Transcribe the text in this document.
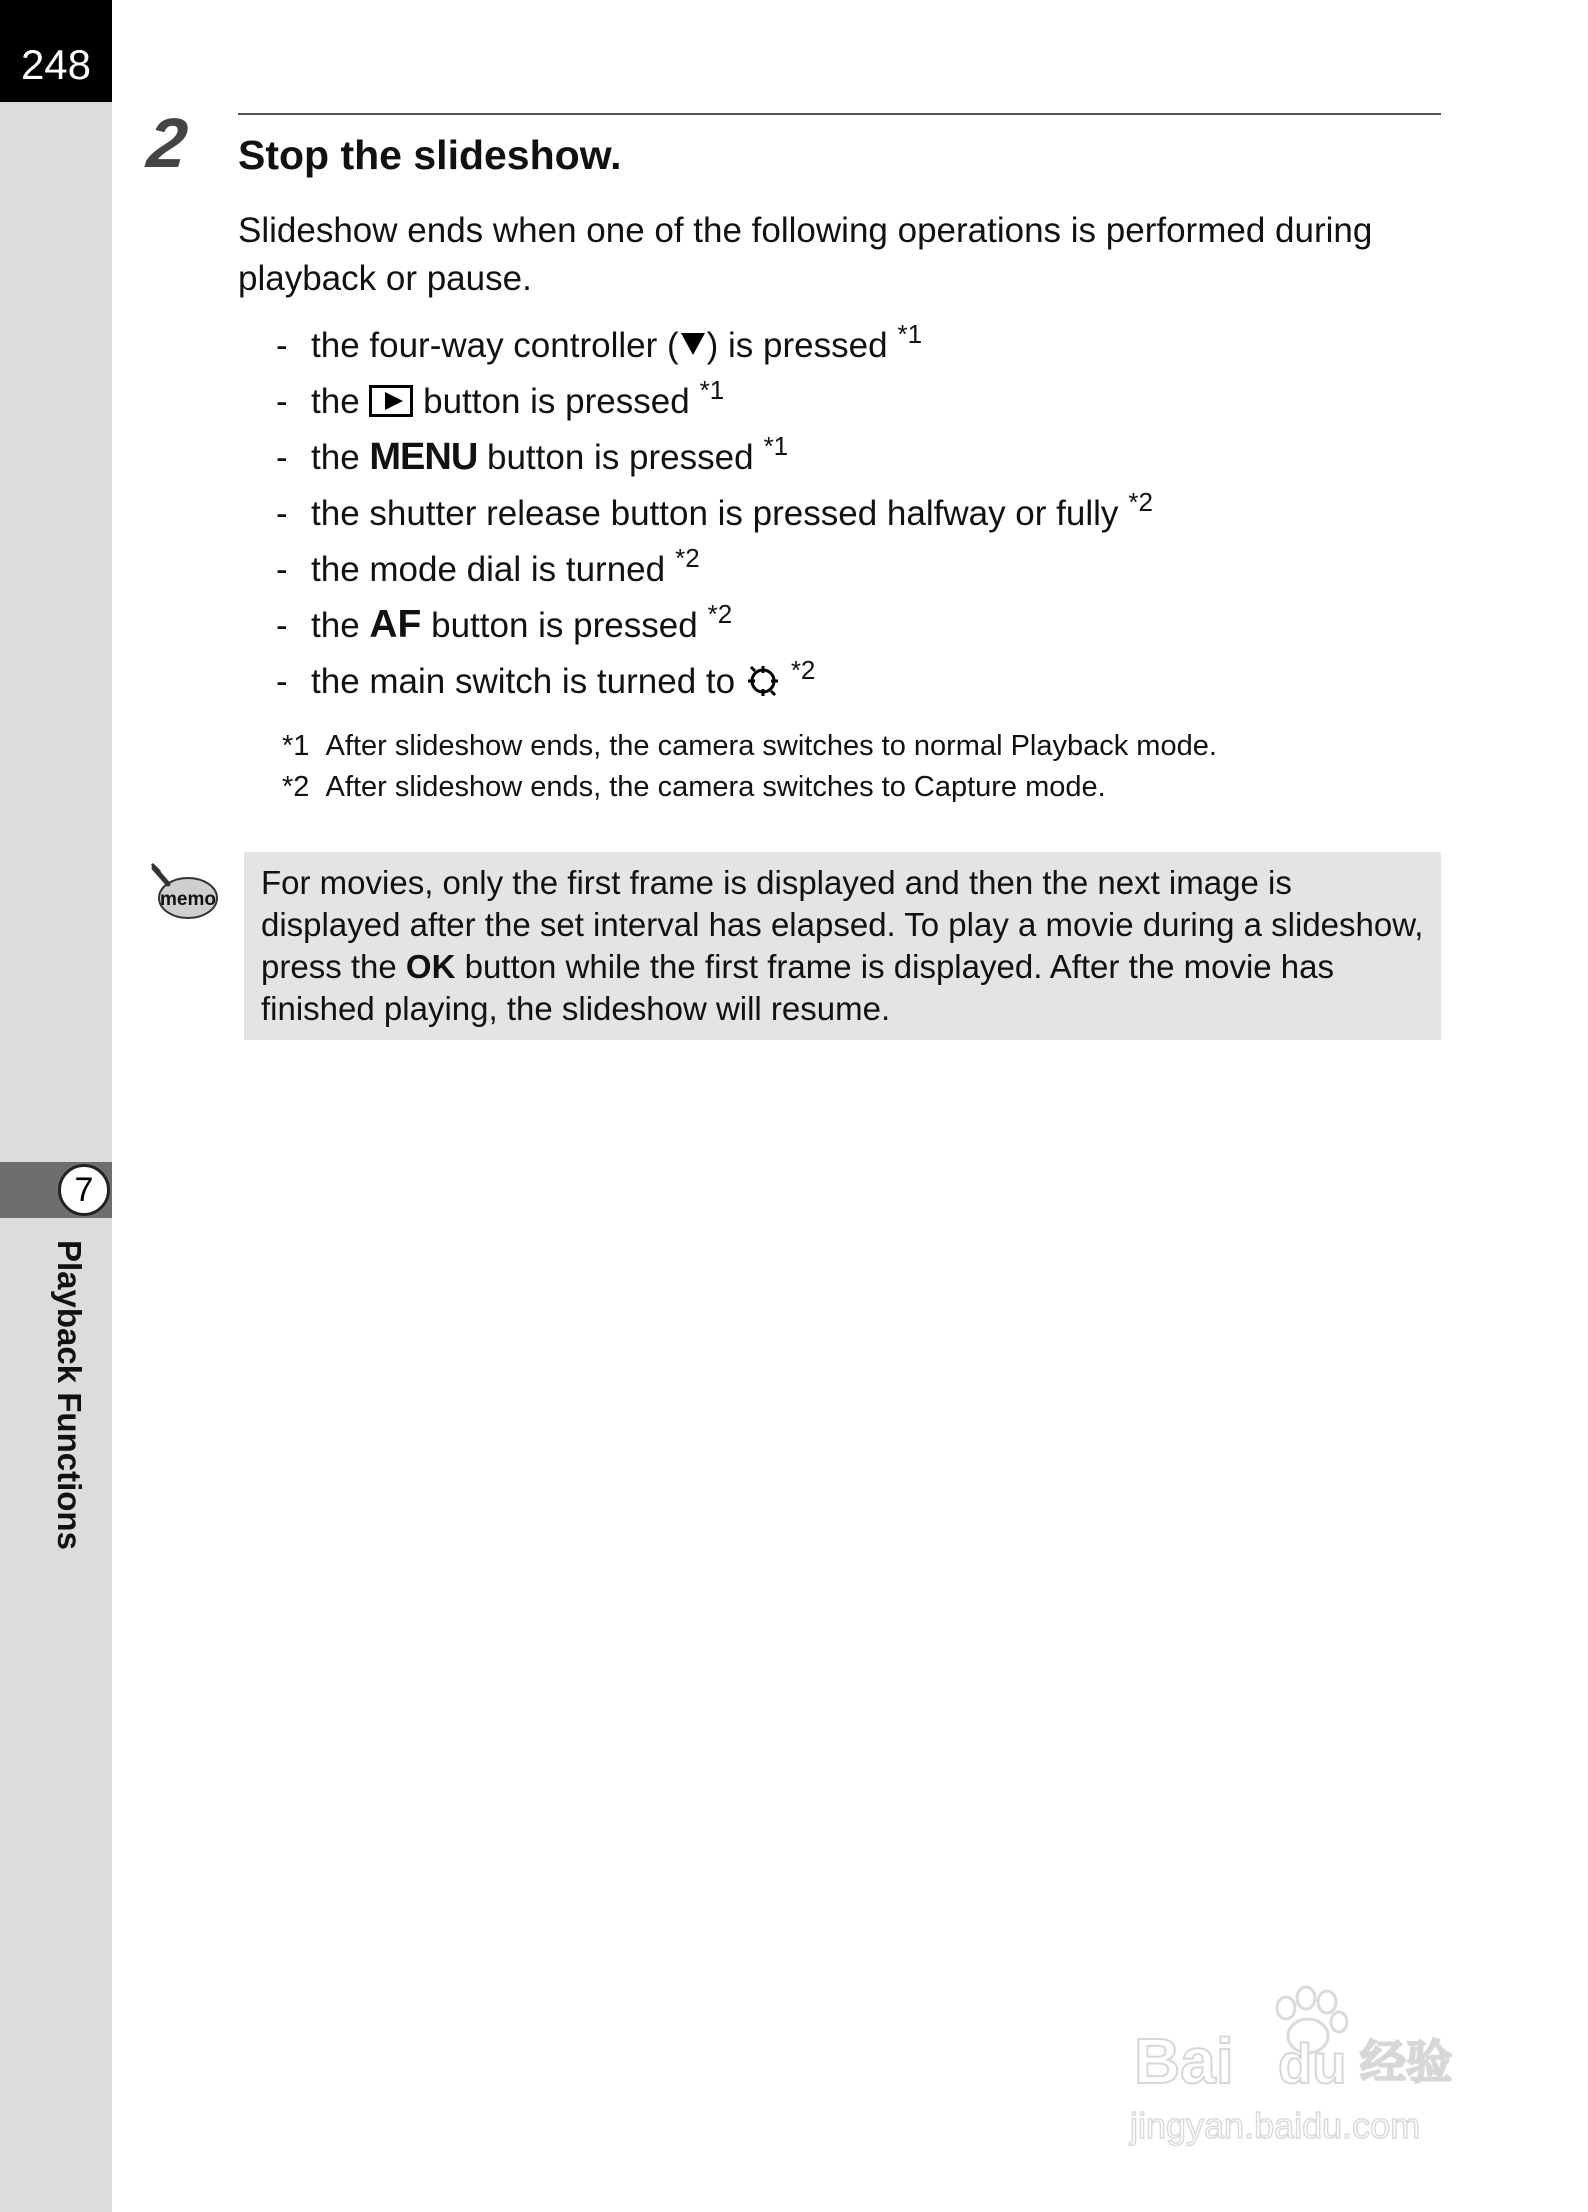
248
7
Playback Functions
2 Stop the slideshow.

Slideshow ends when one of the following operations is performed during playback or pause.

- the four-way controller ( ) is pressed $^{*1}$
- the  button is pressed $^{*1}$
- the MENU button is pressed $^{*1}$
- the shutter release button is pressed halfway or fully $^{*2}$
- the mode dial is turned $^{*2}$
- the AF button is pressed $^{*2}$
- the main switch is turned to $^{*2}$
*1 After slideshow ends, the camera switches to normal Playback mode.
*2 After slideshow ends, the camera switches to Capture mode.
memo For movies, only the first frame is displayed and then the next image is displayed after the set interval has elapsed. To play a movie during a slideshow, press the OK button while the first frame is displayed. After the movie has finished playing, the slideshow will resume.

Bai du 经验
jingyan.baidu.com
